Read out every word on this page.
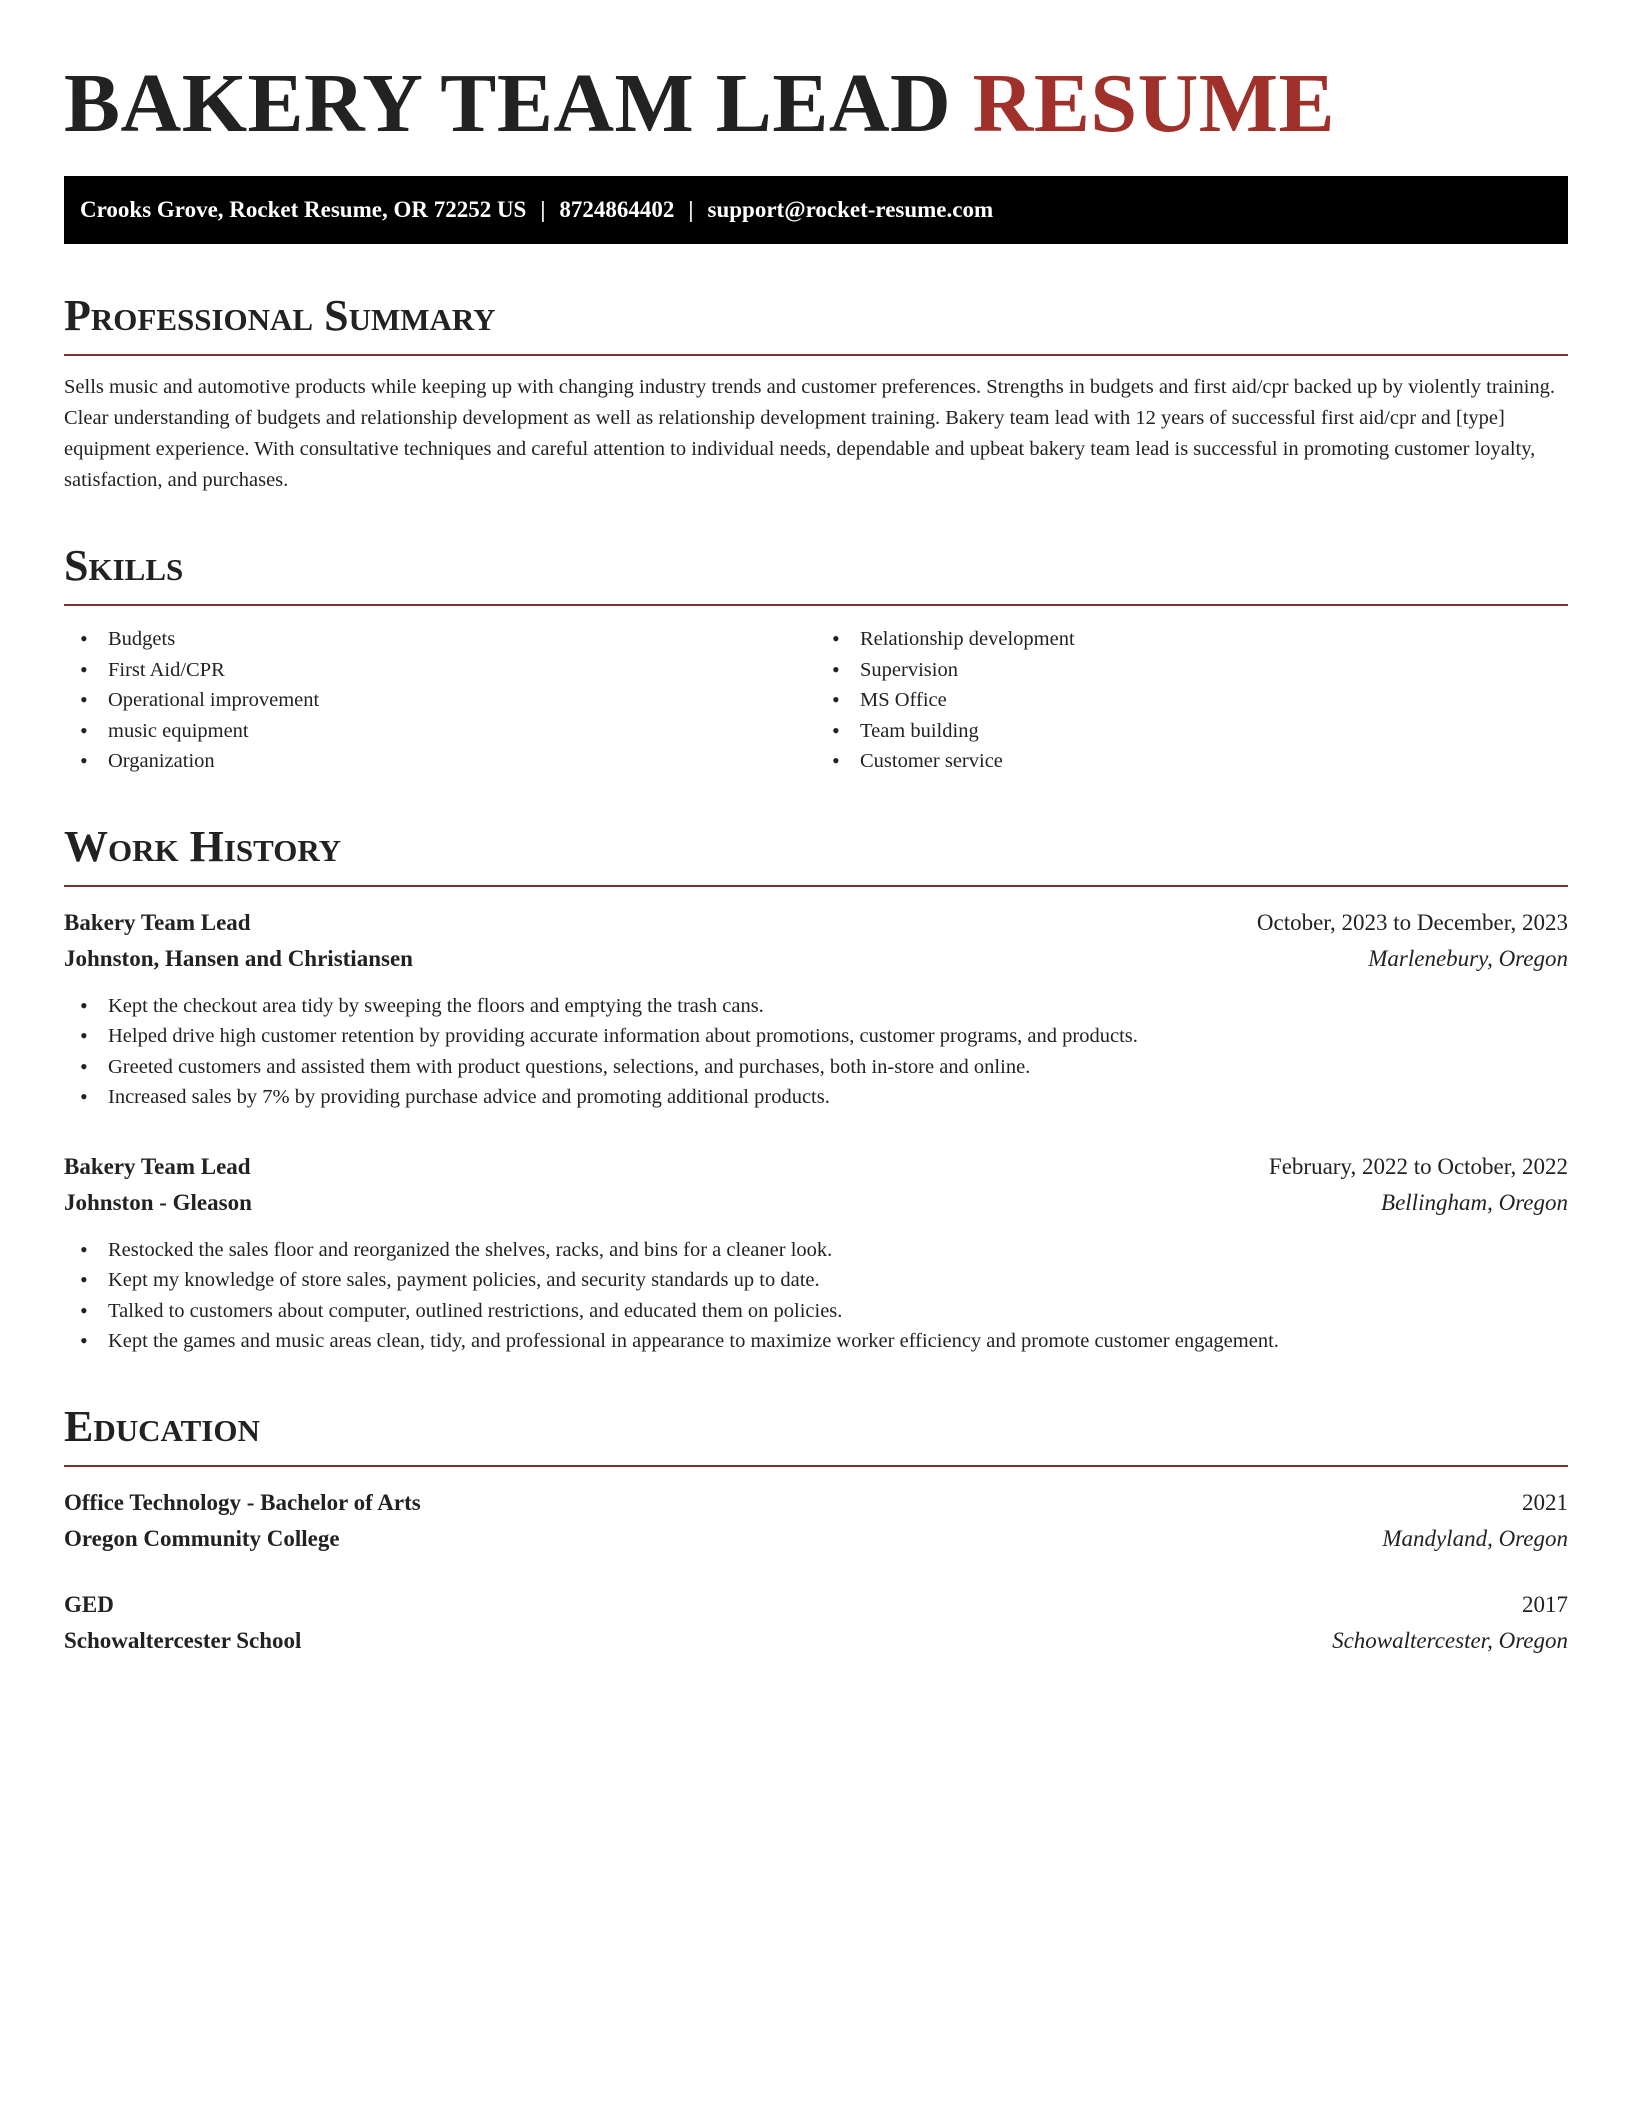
BAKERY TEAM LEAD RESUME
Crooks Grove, Rocket Resume, OR 72252 US | 8724864402 | support@rocket-resume.com
Professional Summary

Sells music and automotive products while keeping up with changing industry trends and customer preferences. Strengths in budgets and first aid/cpr backed up by violently training. Clear understanding of budgets and relationship development as well as relationship development training. Bakery team lead with 12 years of successful first aid/cpr and [type] equipment experience. With consultative techniques and careful attention to individual needs, dependable and upbeat bakery team lead is successful in promoting customer loyalty, satisfaction, and purchases.

Skills
• Budgets
• First Aid/CPR
• Operational improvement
• music equipment
• Organization
• Relationship development
• Supervision
• MS Office
• Team building
• Customer service
Work History
Bakery Team Lead	October, 2023 to December, 2023
Johnston, Hansen and Christiansen	Marlenebury, Oregon
• Kept the checkout area tidy by sweeping the floors and emptying the trash cans.
• Helped drive high customer retention by providing accurate information about promotions, customer programs, and products.
• Greeted customers and assisted them with product questions, selections, and purchases, both in-store and online.
• Increased sales by 7% by providing purchase advice and promoting additional products.
Bakery Team Lead	February, 2022 to October, 2022
Johnston - Gleason	Bellingham, Oregon
• Restocked the sales floor and reorganized the shelves, racks, and bins for a cleaner look.
• Kept my knowledge of store sales, payment policies, and security standards up to date.
• Talked to customers about computer, outlined restrictions, and educated them on policies.
• Kept the games and music areas clean, tidy, and professional in appearance to maximize worker efficiency and promote customer engagement.
Education
Office Technology - Bachelor of Arts	2021
Oregon Community College	Mandyland, Oregon
GED	2017
Schowaltercester School	Schowaltercester, Oregon
